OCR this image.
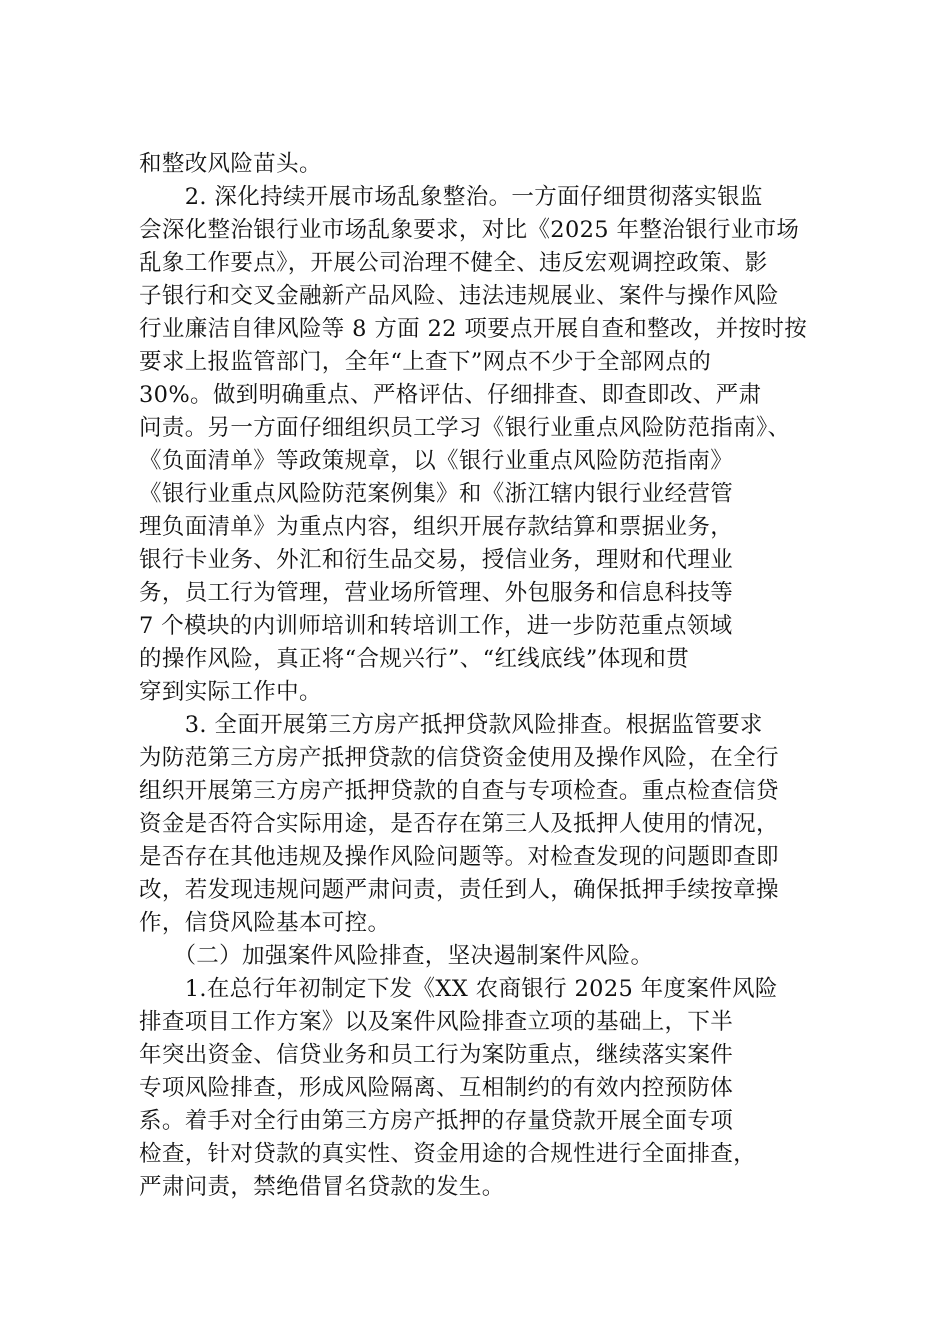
和整改风险苗头。
　　2. 深化持续开展市场乱象整治。一方面仔细贯彻落实银监
会深化整治银行业市场乱象要求，对比《2025 年整治银行业市场
乱象工作要点》，开展公司治理不健全、违反宏观调控政策、影
子银行和交叉金融新产品风险、违法违规展业、案件与操作风险
行业廉洁自律风险等 8 方面 22 项要点开展自查和整改，并按时按
要求上报监管部门，全年“上查下”网点不少于全部网点的
30%。做到明确重点、严格评估、仔细排查、即查即改、严肃
问责。另一方面仔细组织员工学习《银行业重点风险防范指南》、
《负面清单》等政策规章，以《银行业重点风险防范指南》
《银行业重点风险防范案例集》和《浙江辖内银行业经营管
理负面清单》为重点内容，组织开展存款结算和票据业务，
银行卡业务、外汇和衍生品交易，授信业务，理财和代理业
务，员工行为管理，营业场所管理、外包服务和信息科技等
7 个模块的内训师培训和转培训工作，进一步防范重点领域
的操作风险，真正将“合规兴行”、“红线底线”体现和贯
穿到实际工作中。
　　3. 全面开展第三方房产抵押贷款风险排查。根据监管要求
为防范第三方房产抵押贷款的信贷资金使用及操作风险，在全行
组织开展第三方房产抵押贷款的自查与专项检查。重点检查信贷
资金是否符合实际用途，是否存在第三人及抵押人使用的情况，
是否存在其他违规及操作风险问题等。对检查发现的问题即查即
改，若发现违规问题严肃问责，责任到人，确保抵押手续按章操
作，信贷风险基本可控。
　　（二）加强案件风险排查，坚决遏制案件风险。
　　1.在总行年初制定下发《XX 农商银行 2025 年度案件风险
排查项目工作方案》以及案件风险排查立项的基础上，下半
年突出资金、信贷业务和员工行为案防重点，继续落实案件
专项风险排查，形成风险隔离、互相制约的有效内控预防体
系。着手对全行由第三方房产抵押的存量贷款开展全面专项
检查，针对贷款的真实性、资金用途的合规性进行全面排查，
严肃问责，禁绝借冒名贷款的发生。
